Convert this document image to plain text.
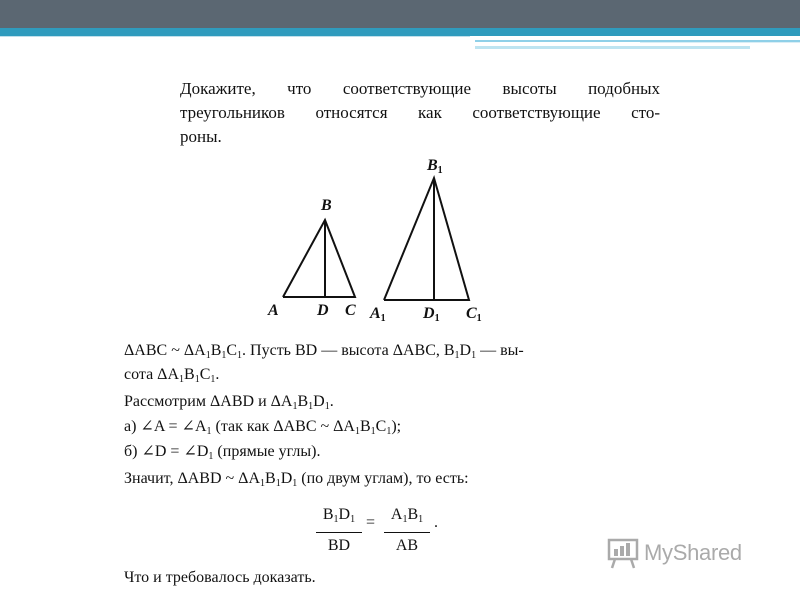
Докажите, что соответствующие высоты подобных
треугольников относятся как соответствующие сто-
роны.

B
A D C
$B_1$
$A_1$ $D_1$ $C_1$
ΔABC ~ $\Delta A_1B_1C_1$. Пусть BD — высота ΔABC, $B_1D_1$ — вы-
сота $\Delta A_1B_1C_1$.
Рассмотрим ΔABD и $\Delta A_1B_1D_1$.
а) ∠A = $\angle A_1$ (так как ΔABC ~ $\Delta A_1B_1C_1$);
б) ∠D = $\angle D_1$ (прямые углы).
Значит, ΔABD ~ $\Delta A_1B_1D_1$ (по двум углам), то есть:
$\frac{B_1D_1}{BD} = \frac{A_1B_1}{AB}$ .
Что и требовалось доказать.
MyShared
